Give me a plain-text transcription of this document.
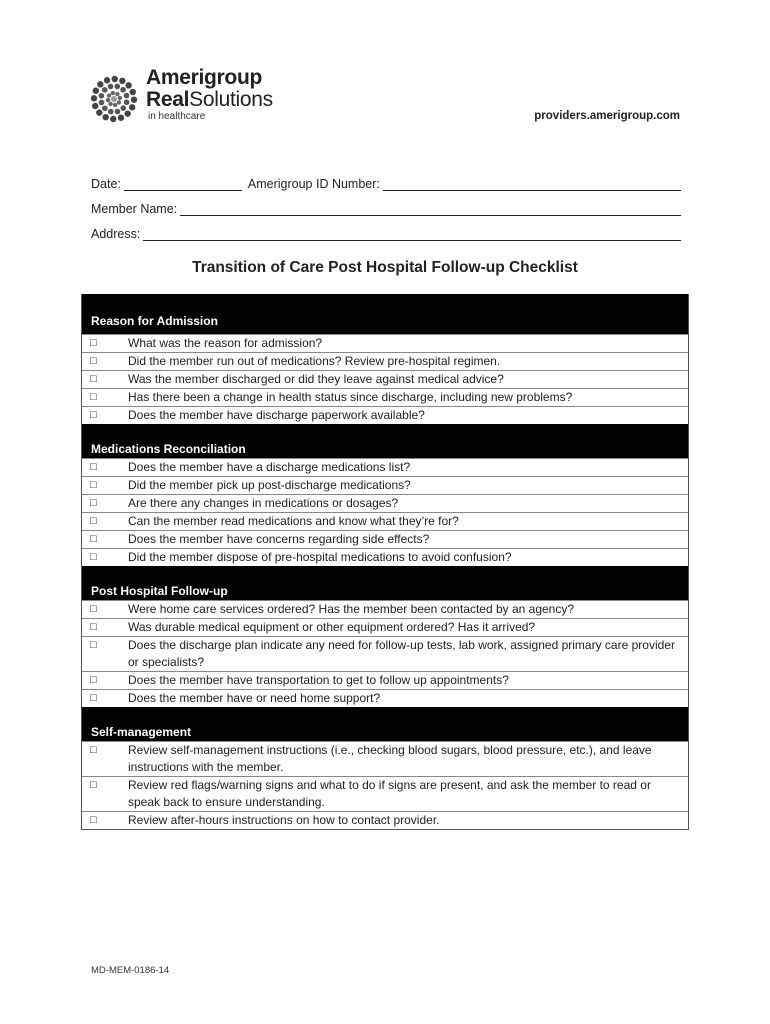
Amerigroup
RealSolutions
in healthcare	providers.amerigroup.com
Date:	Amerigroup ID Number:
Member Name:
Address:
Transition of Care Post Hospital Follow-up Checklist
Reason for Admission
□	What was the reason for admission?
□	Did the member run out of medications? Review pre-hospital regimen.
□	Was the member discharged or did they leave against medical advice?
□	Has there been a change in health status since discharge, including new problems?
□	Does the member have discharge paperwork available?
Medications Reconciliation
□	Does the member have a discharge medications list?
□	Did the member pick up post-discharge medications?
□	Are there any changes in medications or dosages?
□	Can the member read medications and know what they’re for?
□	Does the member have concerns regarding side effects?
□	Did the member dispose of pre-hospital medications to avoid confusion?
Post Hospital Follow-up
□	Were home care services ordered? Has the member been contacted by an agency?
□	Was durable medical equipment or other equipment ordered? Has it arrived?
□	Does the discharge plan indicate any need for follow-up tests, lab work, assigned primary care provider or specialists?
□	Does the member have transportation to get to follow up appointments?
□	Does the member have or need home support?
Self-management
□	Review self-management instructions (i.e., checking blood sugars, blood pressure, etc.), and leave instructions with the member.
□	Review red flags/warning signs and what to do if signs are present, and ask the member to read or speak back to ensure understanding.
□	Review after-hours instructions on how to contact provider.
MD-MEM-0186-14
